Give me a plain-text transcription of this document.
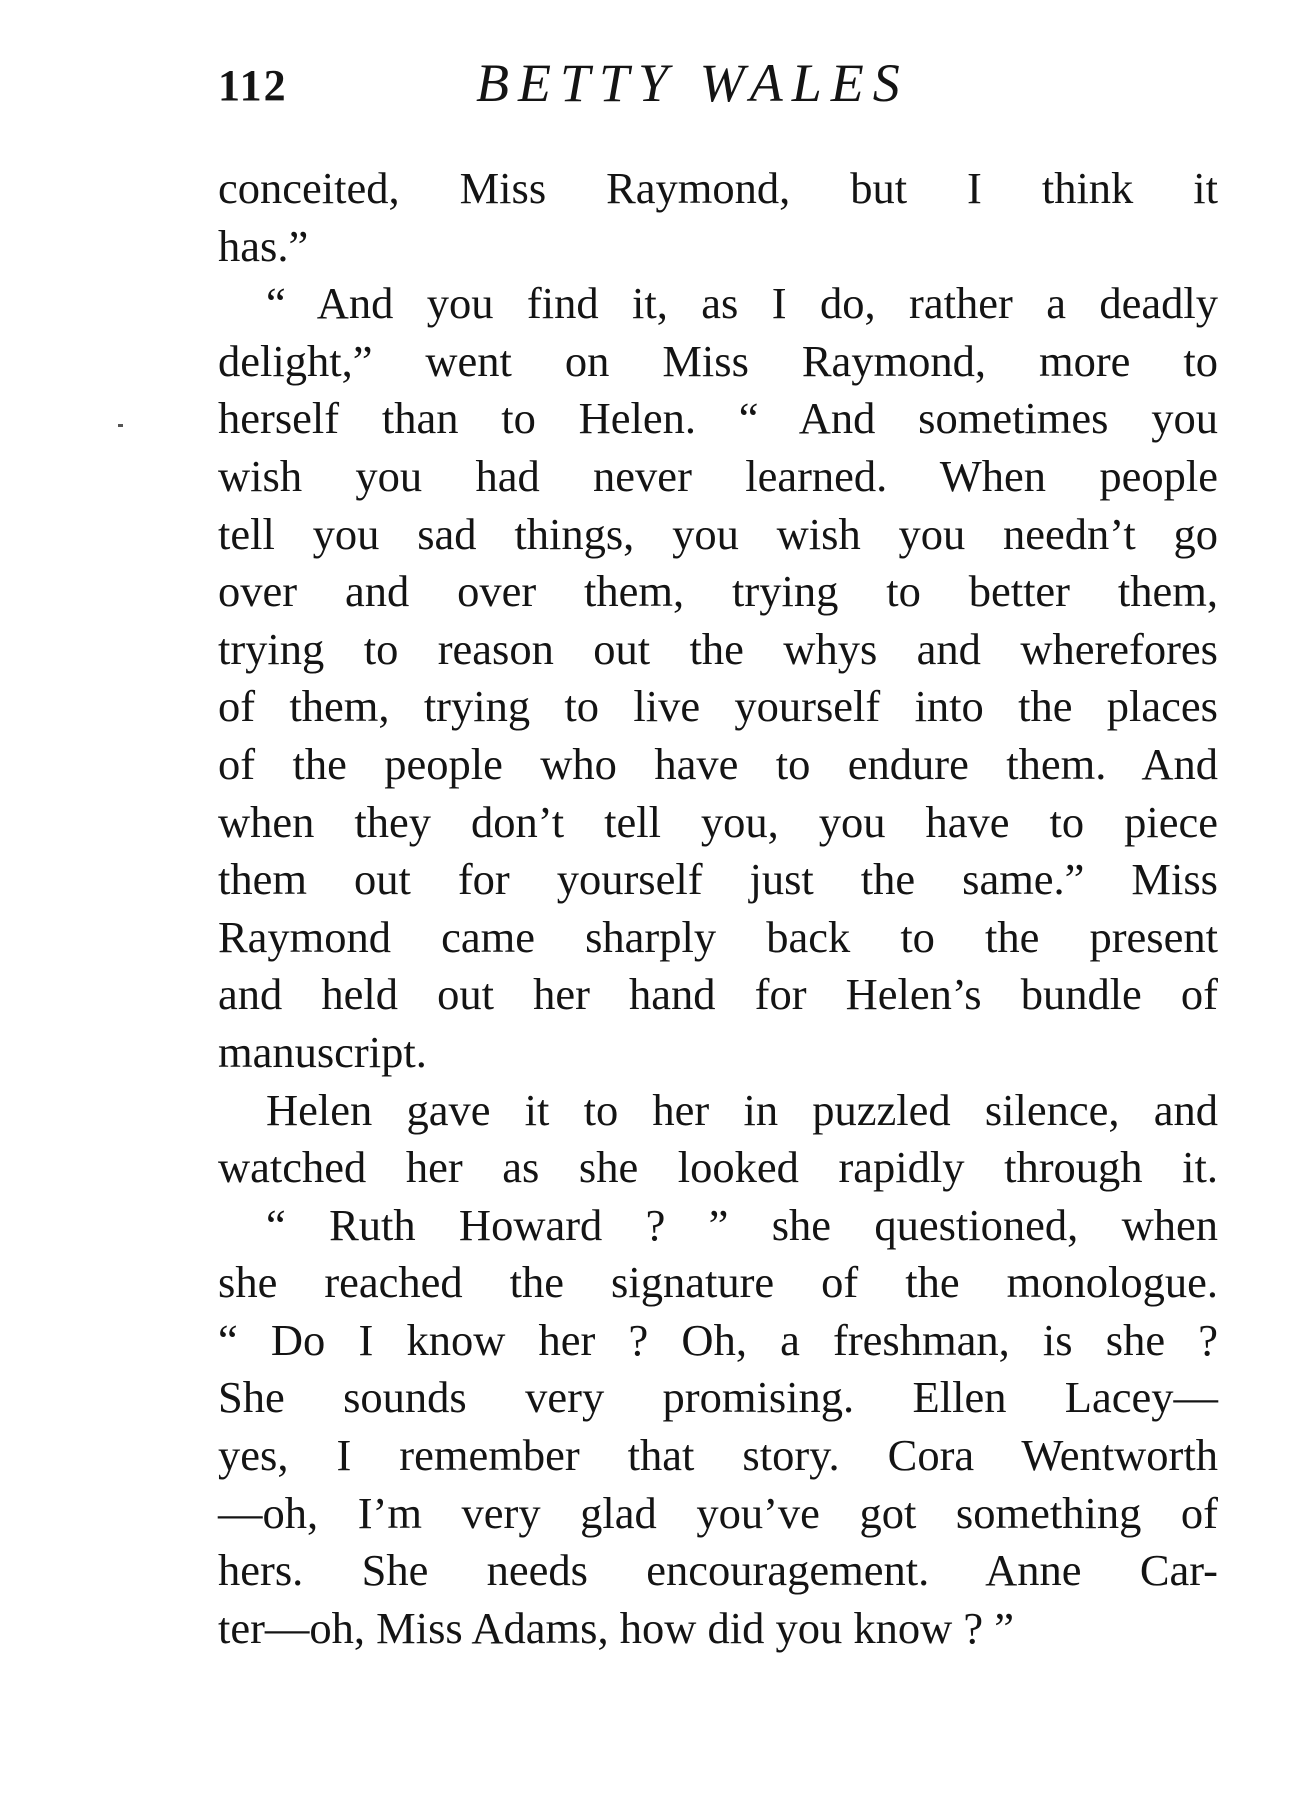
112	BETTY WALES
conceited, Miss Raymond, but I think it
has.”
“ And you find it, as I do, rather a deadly
delight,” went on Miss Raymond, more to
herself than to Helen. “ And sometimes you
wish you had never learned. When people
tell you sad things, you wish you needn’t go
over and over them, trying to better them,
trying to reason out the whys and wherefores
of them, trying to live yourself into the places
of the people who have to endure them. And
when they don’t tell you, you have to piece
them out for yourself just the same.” Miss
Raymond came sharply back to the present
and held out her hand for Helen’s bundle of
manuscript.
Helen gave it to her in puzzled silence, and
watched her as she looked rapidly through it.
“ Ruth Howard ? ” she questioned, when
she reached the signature of the monologue.
“ Do I know her ? Oh, a freshman, is she ?
She sounds very promising. Ellen Lacey—
yes, I remember that story. Cora Wentworth
—oh, I’m very glad you’ve got something of
hers. She needs encouragement. Anne Car-
ter—oh, Miss Adams, how did you know ? ”
